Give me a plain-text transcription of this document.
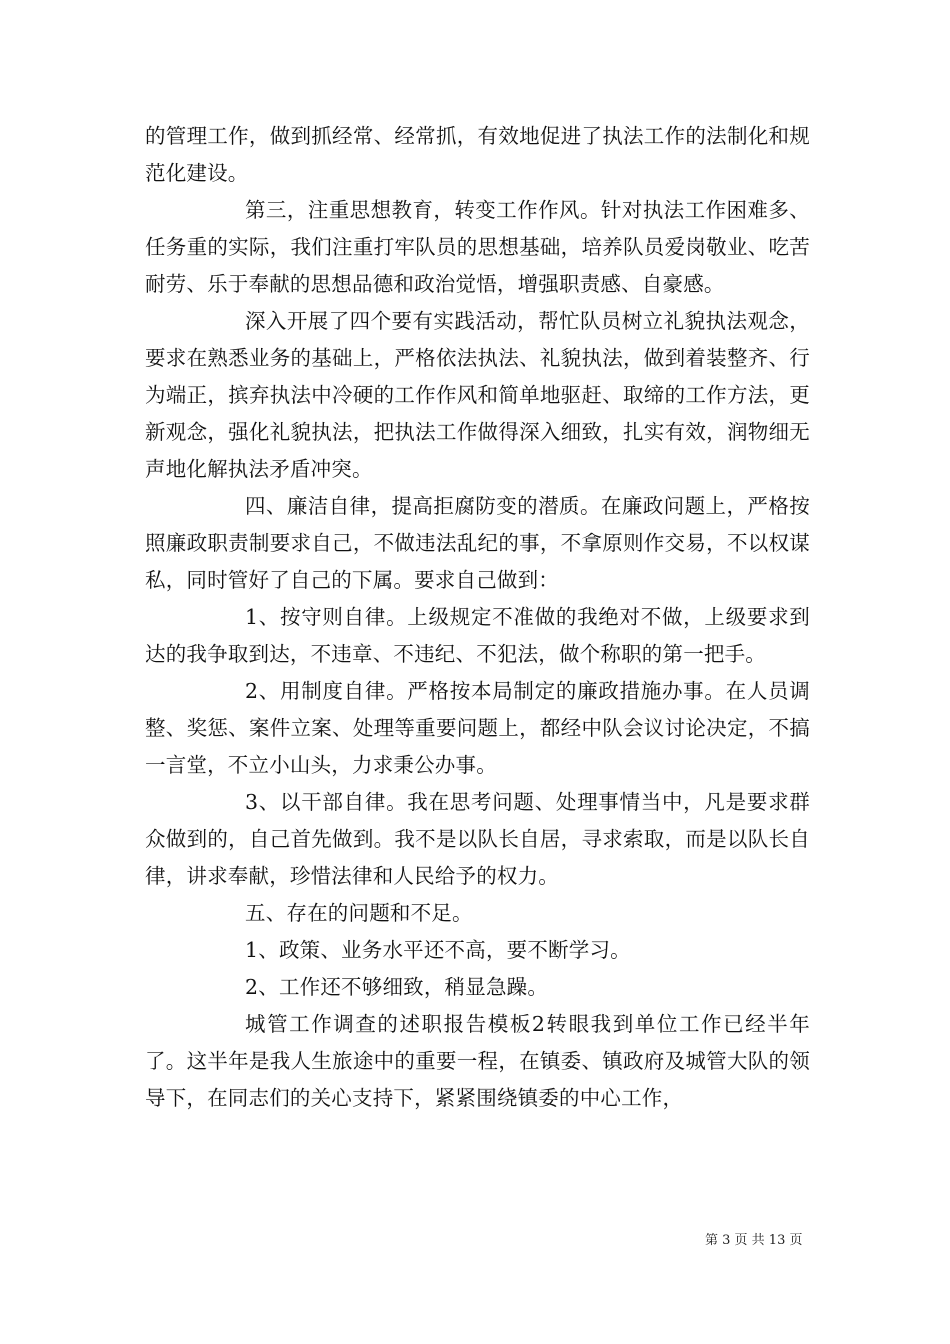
的管理工作，做到抓经常、经常抓，有效地促进了执法工作的法制化和规范化建设。

第三，注重思想教育，转变工作作风。针对执法工作困难多、任务重的实际，我们注重打牢队员的思想基础，培养队员爱岗敬业、吃苦耐劳、乐于奉献的思想品德和政治觉悟，增强职责感、自豪感。

深入开展了四个要有实践活动，帮忙队员树立礼貌执法观念，要求在熟悉业务的基础上，严格依法执法、礼貌执法，做到着装整齐、行为端正，摈弃执法中冷硬的工作作风和简单地驱赶、取缔的工作方法，更新观念，强化礼貌执法，把执法工作做得深入细致，扎实有效，润物细无声地化解执法矛盾冲突。

四、廉洁自律，提高拒腐防变的潜质。在廉政问题上，严格按照廉政职责制要求自己，不做违法乱纪的事，不拿原则作交易，不以权谋私，同时管好了自己的下属。要求自己做到：

1、按守则自律。上级规定不准做的我绝对不做，上级要求到达的我争取到达，不违章、不违纪、不犯法，做个称职的第一把手。

2、用制度自律。严格按本局制定的廉政措施办事。在人员调整、奖惩、案件立案、处理等重要问题上，都经中队会议讨论决定，不搞一言堂，不立小山头，力求秉公办事。

3、以干部自律。我在思考问题、处理事情当中，凡是要求群众做到的，自己首先做到。我不是以队长自居，寻求索取，而是以队长自律，讲求奉献，珍惜法律和人民给予的权力。

五、存在的问题和不足。

1、政策、业务水平还不高，要不断学习。

2、工作还不够细致，稍显急躁。

城管工作调查的述职报告模板2转眼我到单位工作已经半年了。这半年是我人生旅途中的重要一程，在镇委、镇政府及城管大队的领导下，在同志们的关心支持下，紧紧围绕镇委的中心工作，

第 3 页 共 13 页
